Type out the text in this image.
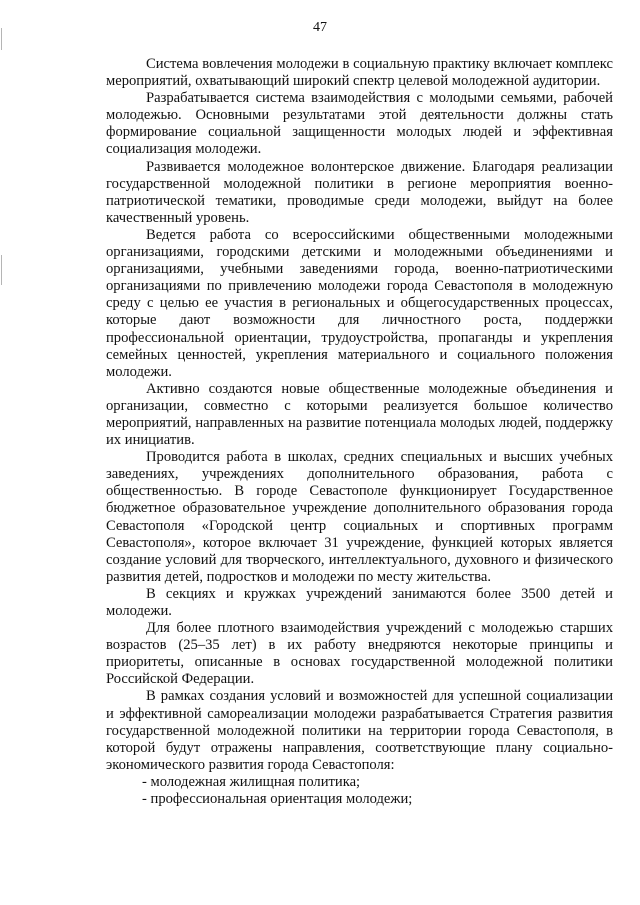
47

Система вовлечения молодежи в социальную практику включает комплекс мероприятий, охватывающий широкий спектр целевой молодежной аудитории.

Разрабатывается система взаимодействия с молодыми семьями, рабочей молодежью. Основными результатами этой деятельности должны стать формирование социальной защищенности молодых людей и эффективная социализация молодежи.

Развивается молодежное волонтерское движение. Благодаря реализации государственной молодежной политики в регионе мероприятия военно-патриотической тематики, проводимые среди молодежи, выйдут на более качественный уровень.

Ведется работа со всероссийскими общественными молодежными организациями, городскими детскими и молодежными объединениями и организациями, учебными заведениями города, военно-патриотическими организациями по привлечению молодежи города Севастополя в молодежную среду с целью ее участия в региональных и общегосударственных процессах, которые дают возможности для личностного роста, поддержки профессиональной ориентации, трудоустройства, пропаганды и укрепления семейных ценностей, укрепления материального и социального положения молодежи.

Активно создаются новые общественные молодежные объединения и организации, совместно с которыми реализуется большое количество мероприятий, направленных на развитие потенциала молодых людей, поддержку их инициатив.

Проводится работа в школах, средних специальных и высших учебных заведениях, учреждениях дополнительного образования, работа с общественностью. В городе Севастополе функционирует Государственное бюджетное образовательное учреждение дополнительного образования города Севастополя «Городской центр социальных и спортивных программ Севастополя», которое включает 31 учреждение, функцией которых является создание условий для творческого, интеллектуального, духовного и физического развития детей, подростков и молодежи по месту жительства.

В секциях и кружках учреждений занимаются более 3500 детей и молодежи.

Для более плотного взаимодействия учреждений с молодежью старших возрастов (25–35 лет) в их работу внедряются некоторые принципы и приоритеты, описанные в основах государственной молодежной политики Российской Федерации.

В рамках создания условий и возможностей для успешной социализации и эффективной самореализации молодежи разрабатывается Стратегия развития государственной молодежной политики на территории города Севастополя, в которой будут отражены направления, соответствующие плану социально-экономического развития города Севастополя:

- молодежная жилищная политика;
- профессиональная ориентация молодежи;
